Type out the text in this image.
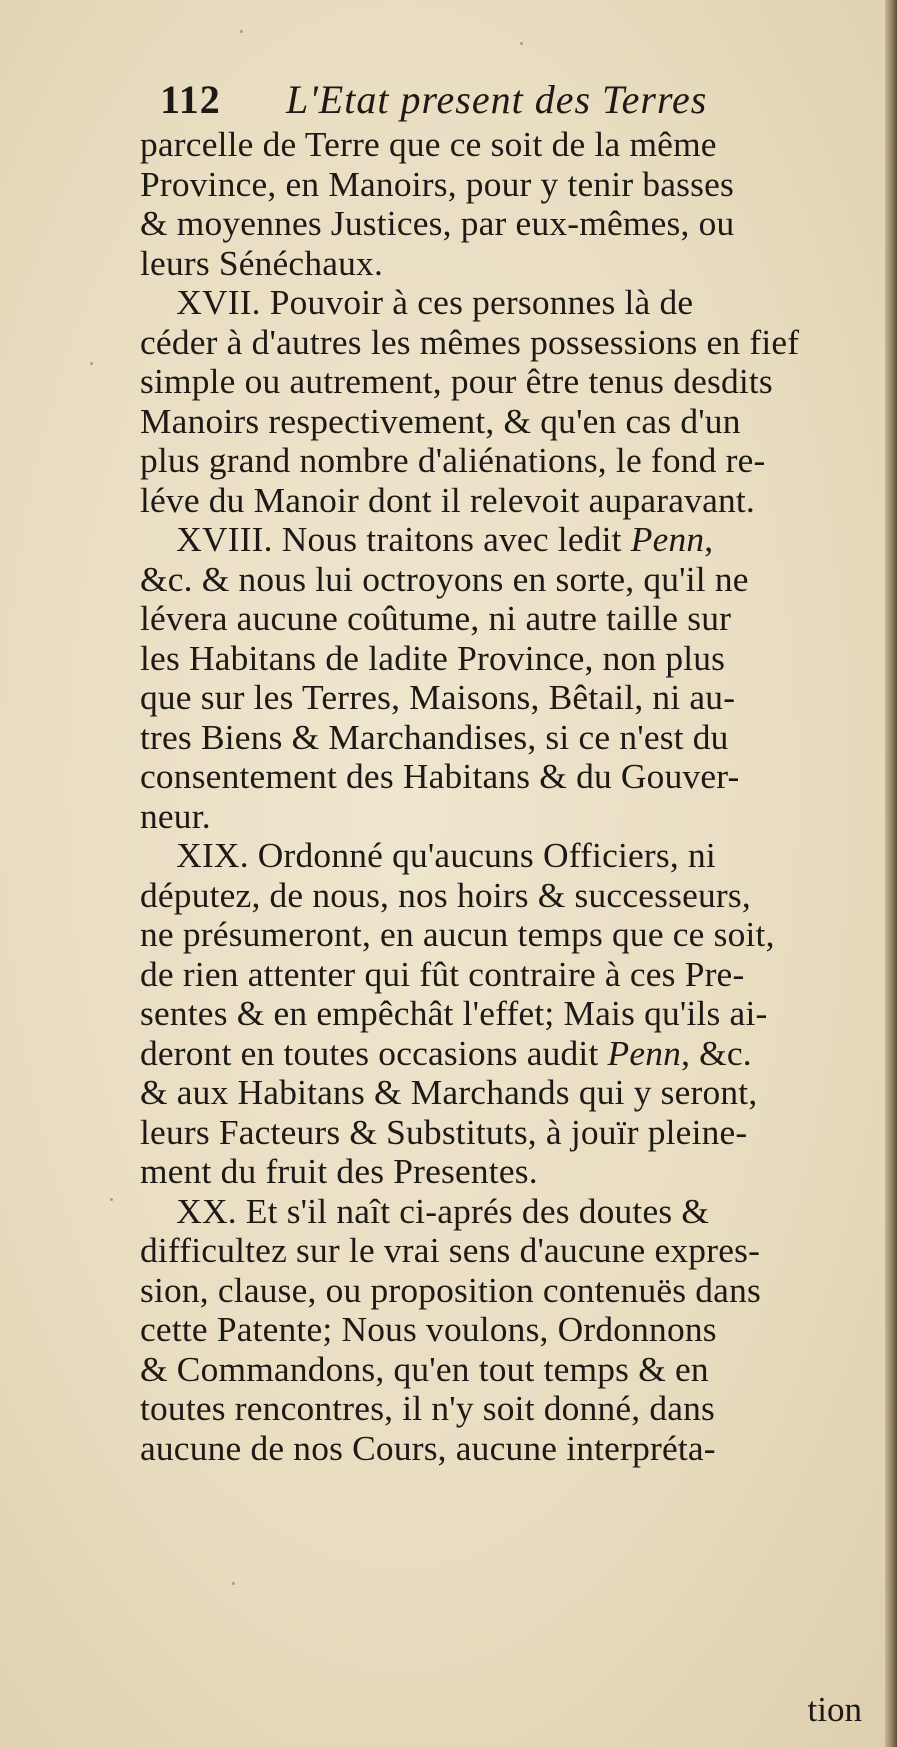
112 L'Etat present des Terres
parcelle de Terre que ce soit de la même
Province, en Manoirs, pour y tenir basses
& moyennes Justices, par eux-mêmes, ou
leurs Sénéchaux.
XVII. Pouvoir à ces personnes là de
céder à d'autres les mêmes possessions en fief
simple ou autrement, pour être tenus desdits
Manoirs respectivement, & qu'en cas d'un
plus grand nombre d'aliénations, le fond re-
léve du Manoir dont il relevoit auparavant.
XVIII. Nous traitons avec ledit Penn,
&c. & nous lui octroyons en sorte, qu'il ne
lévera aucune coûtume, ni autre taille sur
les Habitans de ladite Province, non plus
que sur les Terres, Maisons, Bêtail, ni au-
tres Biens & Marchandises, si ce n'est du
consentement des Habitans & du Gouver-
neur.
XIX. Ordonné qu'aucuns Officiers, ni
députez, de nous, nos hoirs & successeurs,
ne présumeront, en aucun temps que ce soit,
de rien attenter qui fût contraire à ces Pre-
sentes & en empêchât l'effet; Mais qu'ils ai-
deront en toutes occasions audit Penn, &c.
& aux Habitans & Marchands qui y seront,
leurs Facteurs & Substituts, à jouïr pleine-
ment du fruit des Presentes.
XX. Et s'il naît ci-aprés des doutes &
difficultez sur le vrai sens d'aucune expres-
sion, clause, ou proposition contenuës dans
cette Patente; Nous voulons, Ordonnons
& Commandons, qu'en tout temps & en
toutes rencontres, il n'y soit donné, dans
aucune de nos Cours, aucune interpréta-
tion
